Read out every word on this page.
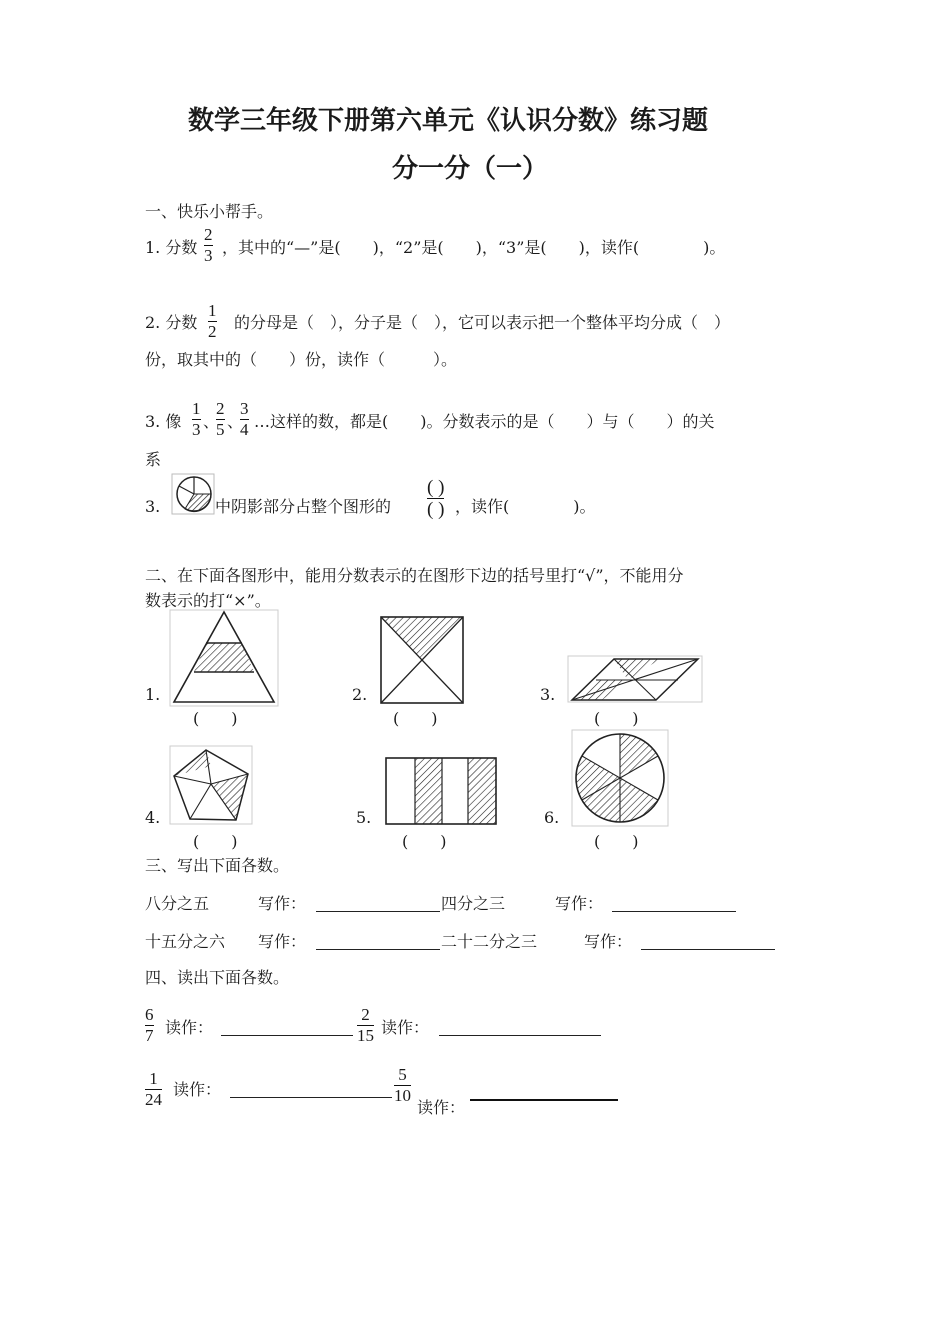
数学三年级下册第六单元《认识分数》练习题
分一分（一）
一、快乐小帮手。
1. 分数
2
3 ，其中的“—”是(　　)，“2”是(　　)，“3”是(　　)，读作(　　　　)。
2. 分数
1
2 的分母是（　），分子是（　），它可以表示把一个整体平均分成（　）
份，取其中的（　　）份，读作（　　　）。
3. 像
1
3 、
2
5 、
3
4 …这样的数，都是(　　)。分数表示的是（　　）与（　　）的关
系
3.	中阴影部分占整个图形的
( )
( ) ，读作(　　　　)。
二、在下面各图形中，能用分数表示的在图形下边的括号里打“√”，不能用分
数表示的打“×”。
1.
(　　)
2.
(　　)
3.
(　　)
4.
(　　)
5.
(　　)
6.
(　　)
三、写出下面各数。
八分之五	写作：	四分之三	写作：
十五分之六 写作：	二十二分之三	写作：
四、读出下面各数。
6
7 读作：
2
15 读作：
1
24
读作：
5
10
读作：
